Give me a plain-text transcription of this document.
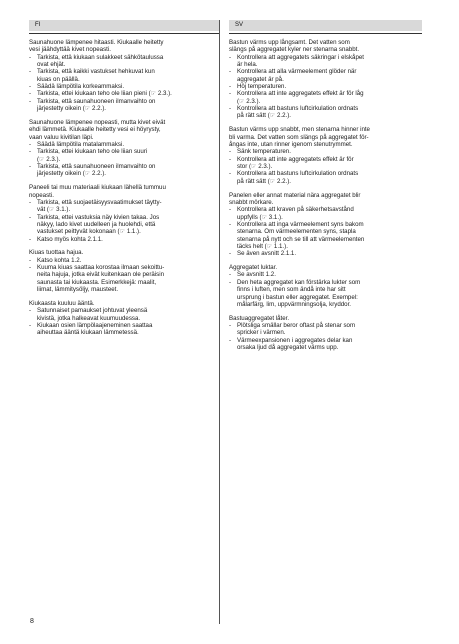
FI

Saunahuone lämpenee hitaasti. Kiukaalle heitetty

vesi jäähdyttää kivet nopeasti.

- Tarkista, että kiukaan sulakkeet sähkötaulussa
ovat ehjät.
- Tarkista, että kaikki vastukset hehkuvat kun
kiuas on päällä.
- Säädä lämpötila korkeammaksi.
- Tarkista, ettei kiukaan teho ole liian pieni (☞ 2.3.).
- Tarkista, että saunahuoneen ilmanvaihto on
järjestetty oikein (☞ 2.2.).

Saunahuone lämpenee nopeasti, mutta kivet eivät

ehdi lämmetä. Kiukaalle heitetty vesi ei höyrysty,

vaan valuu kivitilan läpi.

- Säädä lämpötila matalammaksi.
- Tarkista, ettei kiukaan teho ole liian suuri
(☞ 2.3.).
- Tarkista, että saunahuoneen ilmanvaihto on
järjestetty oikein (☞ 2.2.).

Paneeli tai muu materiaali kiukaan lähellä tummuu

nopeasti.

- Tarkista, että suojaetäisyysvaatimukset täytty-
vät (☞ 3.1.).
- Tarkista, ettei vastuksia näy kivien takaa. Jos
näkyy, lado kivet uudelleen ja huolehdi, että
vastukset peittyvät kokonaan (☞ 1.1.).
- Katso myös kohta 2.1.1.

Kiuas tuottaa hajua.

- Katso kohta 1.2.
- Kuuma kiuas saattaa korostaa ilmaan sekoittu-
neita hajuja, jotka eivät kuitenkaan ole peräisin
saunasta tai kiukaasta. Esimerkkejä: maalit,
liimat, lämmitysöljy, mausteet.

Kiukaasta kuuluu ääntä.

- Satunnaiset pamaukset johtuvat yleensä
kivistä, jotka halkeavat kuumuudessa.
- Kiukaan osien lämpölaajeneminen saattaa
aiheuttaa ääntä kiukaan lämmetessä.
SV

Bastun värms upp långsamt. Det vatten som

slängs på aggregatet kyler ner stenarna snabbt.

- Kontrollera att aggregatets säkringar i elskåpet
är hela.
- Kontrollera att alla värmeelement glöder när
aggregatet är på.
- Höj temperaturen.
- Kontrollera att inte aggregatets effekt är för låg
(☞ 2.3.).
- Kontrollera att bastuns luftcirkulation ordnats
på rätt sätt (☞ 2.2.).

Bastun värms upp snabbt, men stenarna hinner inte

bli varma. Det vatten som slängs på aggregatet för-

ångas inte, utan rinner igenom stenutrymmet.

- Sänk temperaturen.
- Kontrollera att inte aggregatets effekt är för
stor (☞ 2.3.).
- Kontrollera att bastuns luftcirkulation ordnats
på rätt sätt (☞ 2.2.).

Panelen eller annat material nära aggregatet blir

snabbt mörkare.

- Kontrollera att kraven på säkerhetsavstånd
uppfylls (☞ 3.1.).
- Kontrollera att inga värmeelement syns bakom
stenarna. Om värmeelementen syns, stapla
stenarna på nytt och se till att värmeelementen
täcks helt (☞ 1.1.).
- Se även avsnitt 2.1.1.

Aggregatet luktar.

- Se avsnitt 1.2.
- Den heta aggregatet kan förstärka lukter som
finns i luften, men som ändå inte har sitt
ursprung i bastun eller aggregatet. Exempel:
målarfärg, lim, uppvärmningsolja, kryddor.

Bastuaggregatet låter.

- Plötsliga smällar beror oftast på stenar som
spricker i värmen.
- Värmeexpansionen i aggregates delar kan
orsaka ljud då aggregatet värms upp.
8
